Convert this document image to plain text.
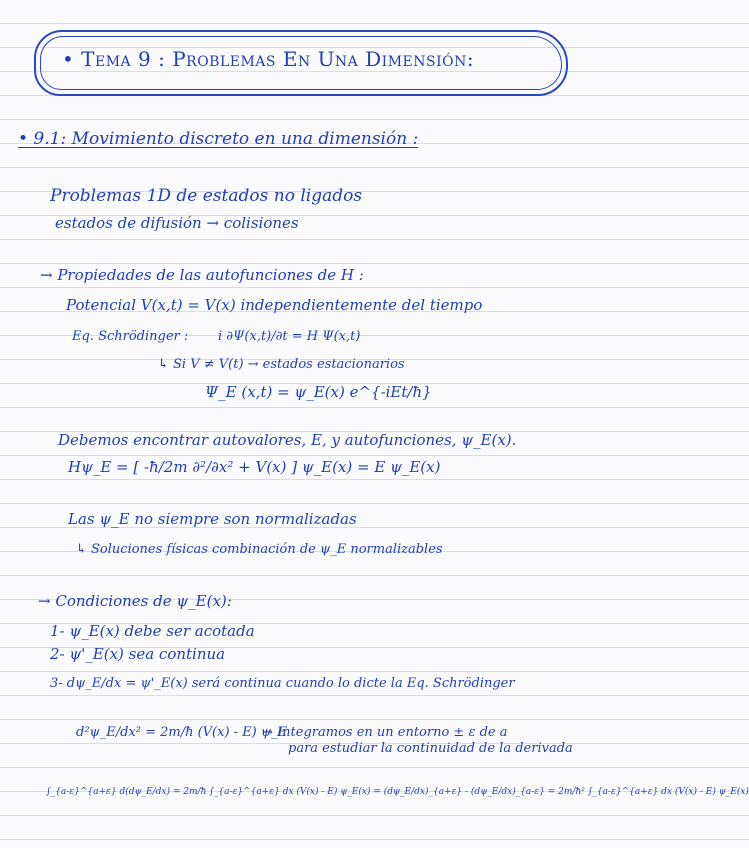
• Tema 9 : Problemas En Una Dimensión:
• 9.1: Movimiento discreto en una dimensión :
Problemas 1D de estados no ligados
estados de difusión → colisiones
→ Propiedades de las autofunciones de H :
Potencial V(x,t) = V(x) independientemente del tiempo
Eq. Schrödinger : i ∂Ψ(x,t)/∂t = H Ψ(x,t)
↳ Si V ≠ V(t) → estados estacionarios
Ψ_E (x,t) = ψ_E(x) e^{-iEt/ħ}
Debemos encontrar autovalores, E, y autofunciones, ψ_E(x).
Hψ_E = [ -ħ/2m ∂²/∂x² + V(x) ] ψ_E(x) = E ψ_E(x)
Las ψ_E no siempre son normalizadas
↳ Soluciones físicas combinación de ψ_E normalizables
→ Condiciones de ψ_E(x):
1- ψ_E(x) debe ser acotada
2- ψ'_E(x) sea continua
3- dψ_E/dx = ψ'_E(x) será continua cuando lo dicte la Eq. Schrödinger
d²ψ_E/dx² = 2m/ħ (V(x) - E) ψ_E
→ Integramos en un entorno ± ε de a
para estudiar la continuidad de la derivada
∫_{a-ε}^{a+ε} d(dψ_E/dx) = 2m/ħ ∫_{a-ε}^{a+ε} dx (V(x) - E) ψ_E(x) = (dψ_E/dx)_{a+ε} - (dψ_E/dx)_{a-ε} = 2m/ħ² ∫_{a-ε}^{a+ε} dx (V(x) - E) ψ_E(x)
